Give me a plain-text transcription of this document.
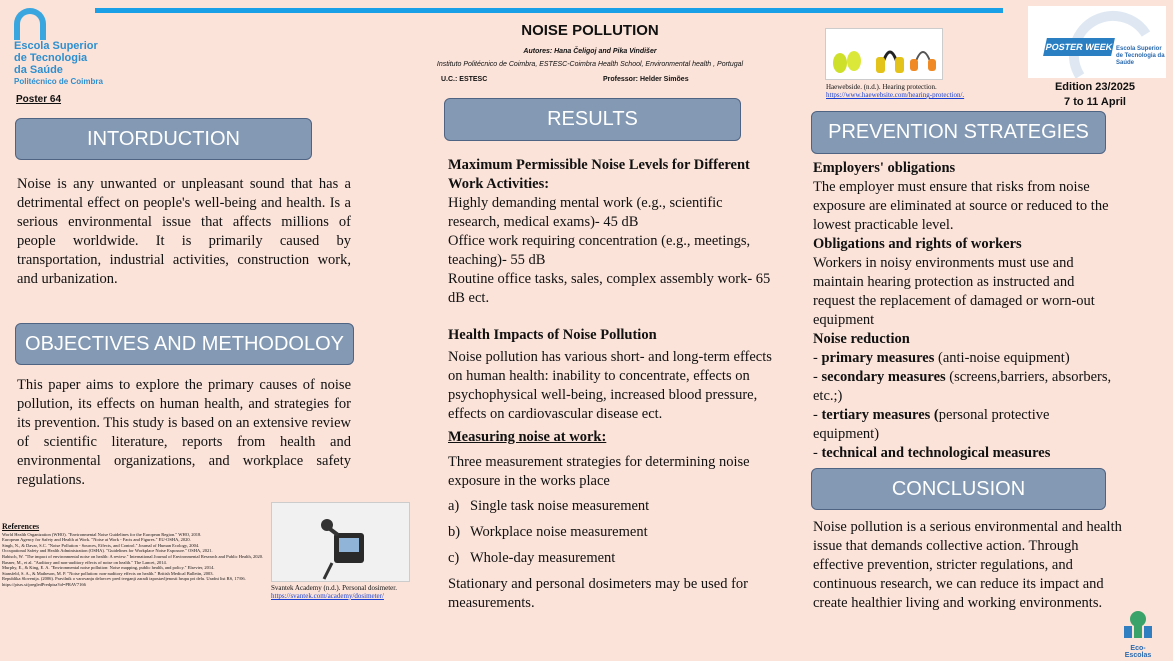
Escola Superior
de Tecnologia
da Saúde
Politécnico de Coimbra
Poster 64
NOISE POLLUTION
Autores: Hana Čeligoj and Pika Vindišer
Instituto Politécnico de Coimbra, ESTESC-Coimbra Health School, Environmental health , Portugal
U.C.: ESTESC	Professor: Helder Simões
POSTER WEEK Escola Superior de Tecnologia da Saúde
Edition 23/2025
7 to 11 April
Haewebside. (n.d.). Hearing protection. https://www.haewebsite.com/hearing-protection/.
INTORDUCTION
Noise is any unwanted or unpleasant sound that has a detrimental effect on people's well-being and health. Is a serious environmental issue that affects millions of people worldwide. It is primarily caused by transportation, industrial activities, construction work, and urbanization.
OBJECTIVES AND METHODOLOY
This paper aims to explore the primary causes of noise pollution, its effects on human health, and strategies for its prevention. This study is based on an extensive review of scientific literature, reports from health and environmental organizations, and workplace safety regulations.
Svantek Academy (n.d.). Personal dosimeter. https://svantek.com/academy/dosimeter/
References
World Health Organization (WHO). "Environmental Noise Guidelines for the European Region." WHO, 2018.
European Agency for Safety and Health at Work. "Noise at Work - Facts and Figures." EU-OSHA, 2020.
Singh, N., & Davar, S.C. "Noise Pollution - Sources, Effects, and Control." Journal of Human Ecology, 2004.
Occupational Safety and Health Administration (OSHA). "Guidelines for Workplace Noise Exposure." OSHA, 2021.
Babisch, W. "The impact of environmental noise on health: A review." International Journal of Environmental Research and Public Health, 2020.
Basner, M., et al. "Auditory and non-auditory effects of noise on health." The Lancet, 2014.
Murphy, E., & King, E. A. "Environmental noise pollution: Noise mapping, public health, and policy." Elsevier, 2014.
Stansfeld, S. A., & Matheson, M. P. "Noise pollution: non-auditory effects on health." British Medical Bulletin, 2003.
Republika Slovenija. (2006). Pravilnik o varovanju delavcev pred tveganji zaradi izpostavljenosti hrupu pri delu. Uradni list RS, 17/06. https://pisrs.si/pregledPredpisa?id=PRAV7166
RESULTS
Maximum Permissible Noise Levels for Different Work Activities:
Highly demanding mental work (e.g., scientific research, medical exams)- 45 dB
Office work requiring concentration (e.g., meetings, teaching)- 55 dB
Routine office tasks, sales, complex assembly work- 65 dB ect.
Health Impacts of Noise Pollution
Noise pollution has various short- and long-term effects on human health: inability to concentrate, effects on psychophysical well-being, increased blood pressure, effects on cardiovascular disease ect.
Measuring noise at work:
Three measurement strategies for determining noise exposure in the works place
a) Single task noise measurement
b) Workplace noise measurement
c) Whole-day measurement
Stationary and personal dosimeters may be used for measurements.
PREVENTION STRATEGIES
Employers' obligations
The employer must ensure that risks from noise exposure are eliminated at source or reduced to the lowest practicable level.
Obligations and rights of workers
Workers in noisy environments must use and maintain hearing protection as instructed and request the replacement of damaged or worn-out equipment
Noise reduction
- primary measures (anti-noise equipment)
- secondary measures (screens,barriers, absorbers, etc.;)
- tertiary measures (personal protective equipment)
- technical and technological measures
CONCLUSION
Noise pollution is a serious environmental and health issue that demands collective action. Through effective prevention, stricter regulations, and continuous research, we can reduce its impact and create healthier living and working environments.
Eco-Escolas
